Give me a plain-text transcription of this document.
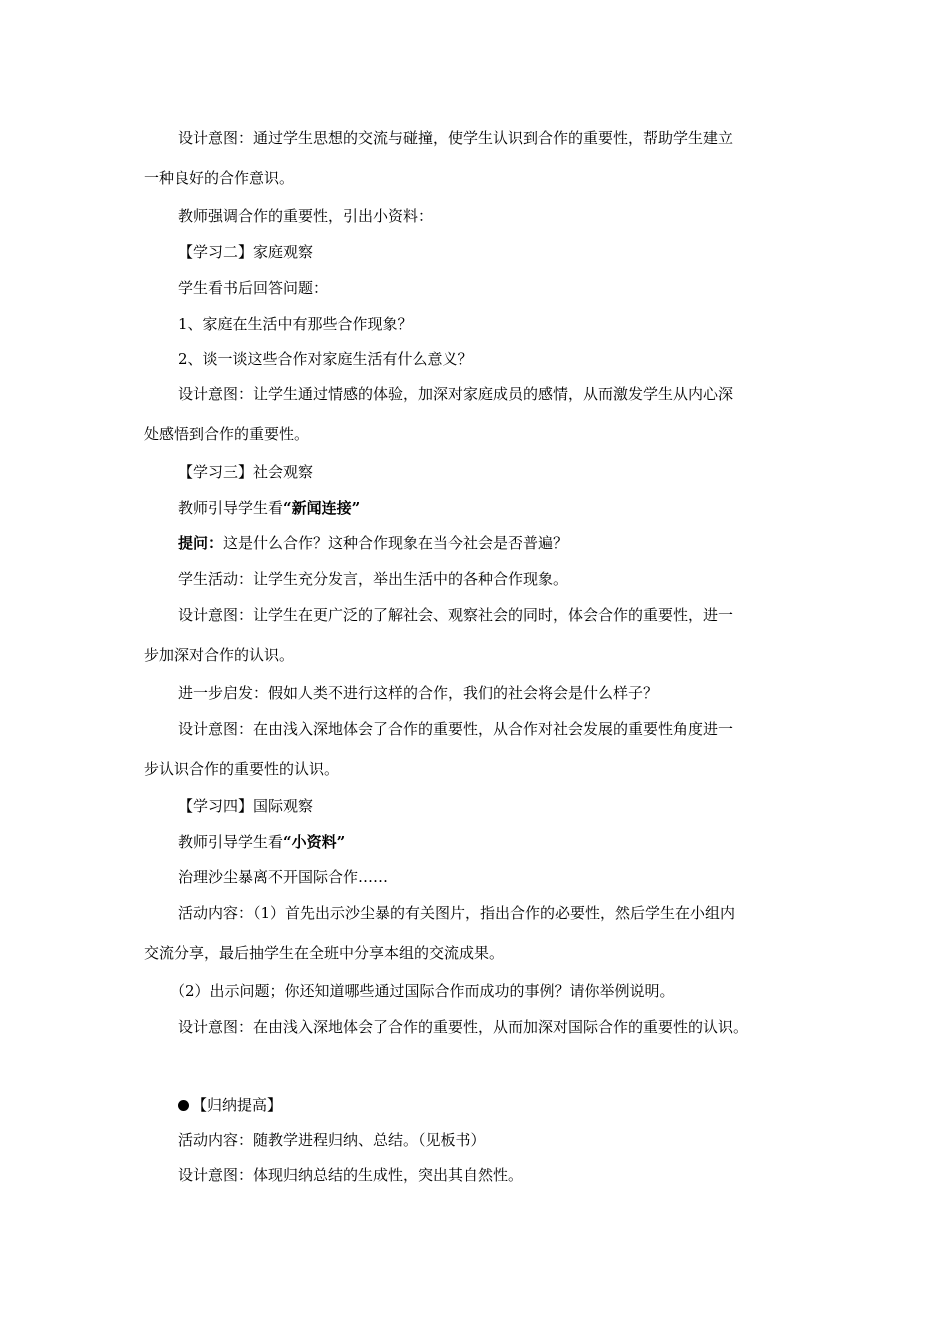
设计意图：通过学生思想的交流与碰撞，使学生认识到合作的重要性，帮助学生建立
一种良好的合作意识。
教师强调合作的重要性，引出小资料：
【学习二】家庭观察
学生看书后回答问题：
1、家庭在生活中有那些合作现象？
2、谈一谈这些合作对家庭生活有什么意义？
设计意图：让学生通过情感的体验，加深对家庭成员的感情，从而激发学生从内心深
处感悟到合作的重要性。
【学习三】社会观察
教师引导学生看“新闻连接”
提问：这是什么合作？这种合作现象在当今社会是否普遍？
学生活动：让学生充分发言，举出生活中的各种合作现象。
设计意图：让学生在更广泛的了解社会、观察社会的同时，体会合作的重要性，进一
步加深对合作的认识。
进一步启发：假如人类不进行这样的合作，我们的社会将会是什么样子？
设计意图：在由浅入深地体会了合作的重要性，从合作对社会发展的重要性角度进一
步认识合作的重要性的认识。
【学习四】国际观察
教师引导学生看“小资料”
治理沙尘暴离不开国际合作……
活动内容：（1）首先出示沙尘暴的有关图片，指出合作的必要性，然后学生在小组内
交流分享，最后抽学生在全班中分享本组的交流成果。
（2）出示问题；你还知道哪些通过国际合作而成功的事例？请你举例说明。
设计意图：在由浅入深地体会了合作的重要性，从而加深对国际合作的重要性的认识。
【归纳提高】
活动内容：随教学进程归纳、总结。（见板书）
设计意图：体现归纳总结的生成性，突出其自然性。
